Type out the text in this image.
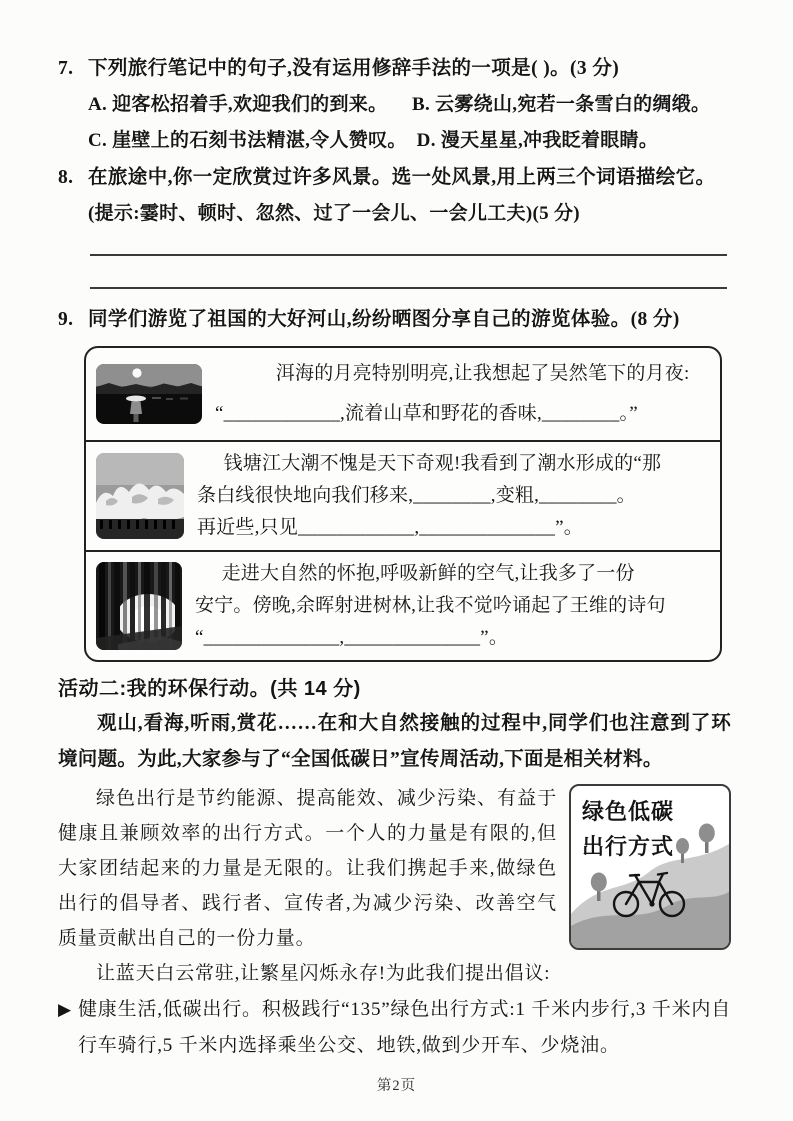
7. 下列旅行笔记中的句子,没有运用修辞手法的一项是( )。(3 分)
A. 迎客松招着手,欢迎我们的到来。	B. 云雾绕山,宛若一条雪白的绸缎。
C. 崖壁上的石刻书法精湛,令人赞叹。 D. 漫天星星,冲我眨着眼睛。
8. 在旅途中,你一定欣赏过许多风景。选一处风景,用上两三个词语描绘它。
(提示:霎时、顿时、忽然、过了一会儿、一会儿工夫)(5 分)
9. 同学们游览了祖国的大好河山,纷纷晒图分享自己的游览体验。(8 分)
洱海的月亮特别明亮,让我想起了吴然笔下的月夜:
“____________,流着山草和野花的香味,________。”
钱塘江大潮不愧是天下奇观!我看到了潮水形成的“那
条白线很快地向我们移来,________,变粗,________。
再近些,只见____________,______________”。
走进大自然的怀抱,呼吸新鲜的空气,让我多了一份
安宁。傍晚,余晖射进树林,让我不觉吟诵起了王维的诗句
“______________,______________”。
活动二:我的环保行动。(共 14 分)

观山,看海,听雨,赏花……在和大自然接触的过程中,同学们也注意到了环境问题。为此,大家参与了“全国低碳日”宣传周活动,下面是相关材料。

绿色出行是节约能源、提高能效、减少污染、有益于健康且兼顾效率的出行方式。一个人的力量是有限的,但大家团结起来的力量是无限的。让我们携起手来,做绿色出行的倡导者、践行者、宣传者,为减少污染、改善空气质量贡献出自己的一份力量。

绿色低碳
出行方式

让蓝天白云常驻,让繁星闪烁永存!为此我们提出倡议:

▶ 健康生活,低碳出行。积极践行“135”绿色出行方式:1 千米内步行,3 千米内自行车骑行,5 千米内选择乘坐公交、地铁,做到少开车、少烧油。
第2页
